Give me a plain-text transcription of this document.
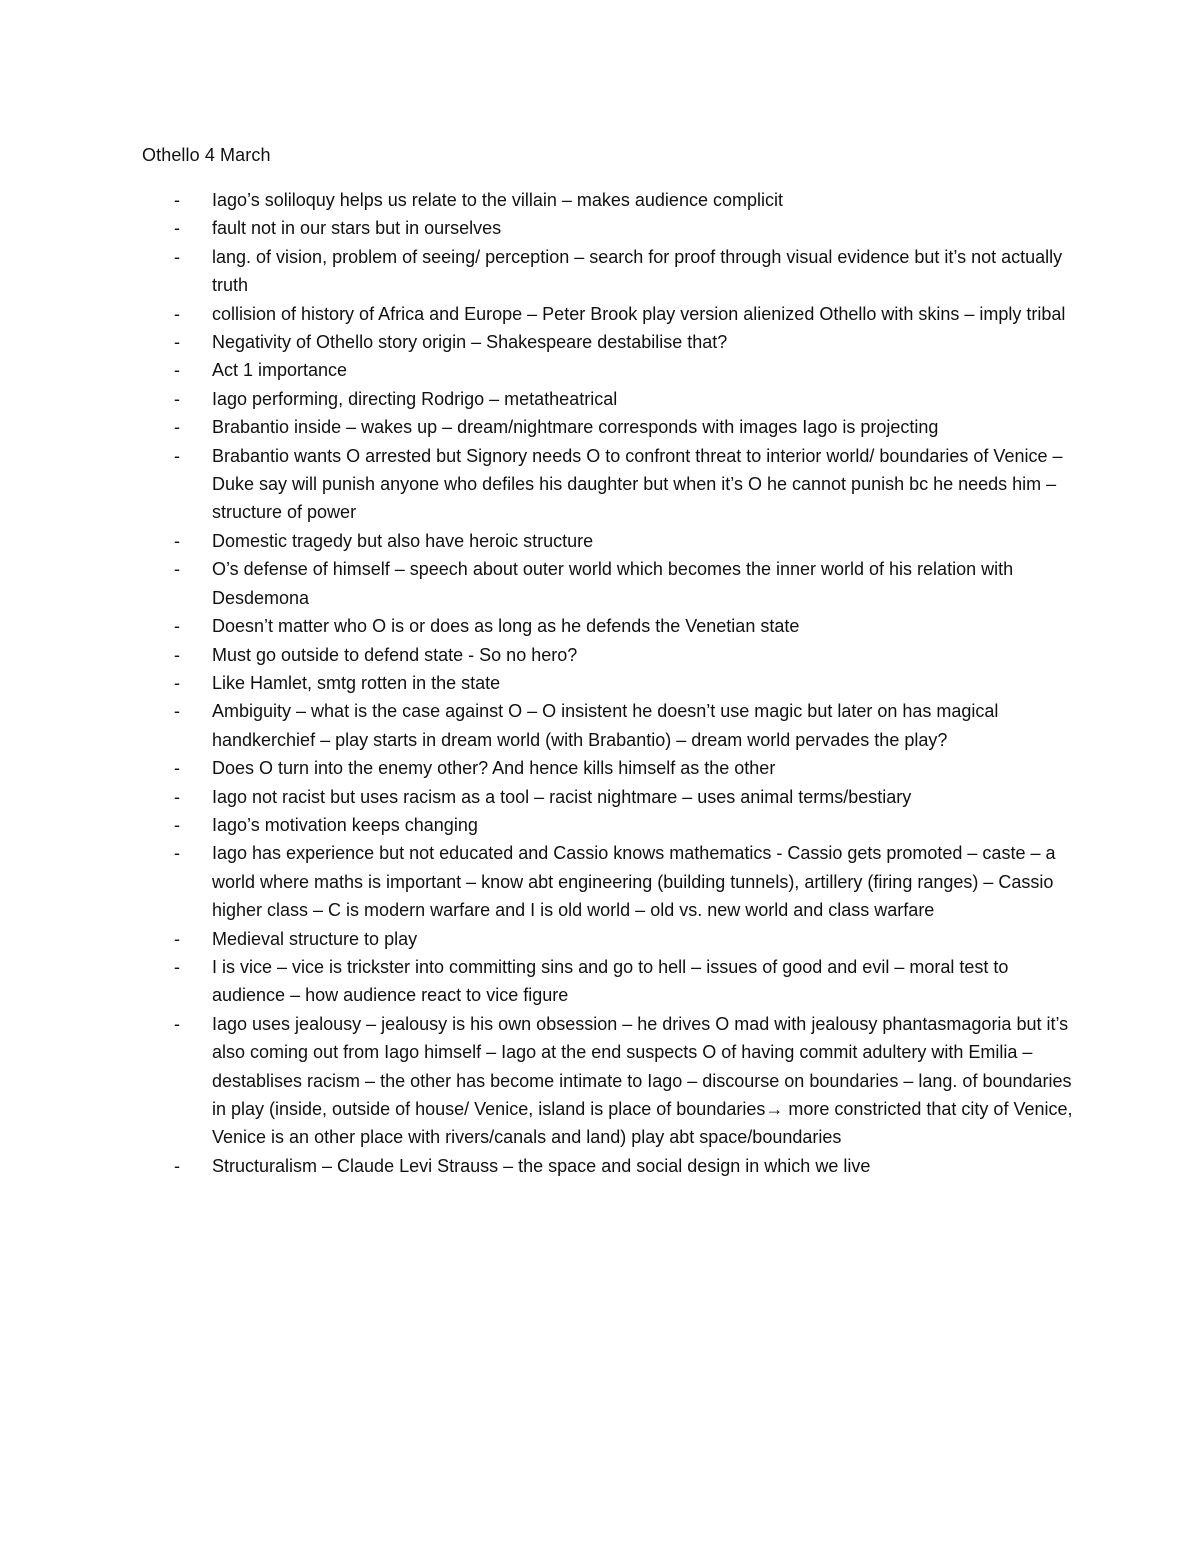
Othello 4 March
-	Iago’s soliloquy helps us relate to the villain – makes audience complicit
-	fault not in our stars but in ourselves
-	lang. of vision, problem of seeing/ perception – search for proof through visual evidence but it’s not actually truth
-	collision of history of Africa and Europe – Peter Brook play version alienized Othello with skins – imply tribal
-	Negativity of Othello story origin – Shakespeare destabilise that?
-	Act 1 importance
-	Iago performing, directing Rodrigo – metatheatrical
-	Brabantio inside – wakes up – dream/nightmare corresponds with images Iago is projecting
-	Brabantio wants O arrested but Signory needs O to confront threat to interior world/ boundaries of Venice – Duke say will punish anyone who defiles his daughter but when it’s O he cannot punish bc he needs him – structure of power
-	Domestic tragedy but also have heroic structure
-	O’s defense of himself – speech about outer world which becomes the inner world of his relation with Desdemona
-	Doesn’t matter who O is or does as long as he defends the Venetian state
-	Must go outside to defend state - So no hero?
-	Like Hamlet, smtg rotten in the state
-	Ambiguity – what is the case against O – O insistent he doesn’t use magic but later on has magical handkerchief – play starts in dream world (with Brabantio) – dream world pervades the play?
-	Does O turn into the enemy other? And hence kills himself as the other
-	Iago not racist but uses racism as a tool – racist nightmare – uses animal terms/bestiary
-	Iago’s motivation keeps changing
-	Iago has experience but not educated and Cassio knows mathematics - Cassio gets promoted – caste – a world where maths is important – know abt engineering (building tunnels), artillery (firing ranges) – Cassio higher class – C is modern warfare and I is old world – old vs. new world and class warfare
-	Medieval structure to play
-	I is vice – vice is trickster into committing sins and go to hell – issues of good and evil – moral test to audience – how audience react to vice figure
-	Iago uses jealousy – jealousy is his own obsession – he drives O mad with jealousy phantasmagoria but it’s also coming out from Iago himself – Iago at the end suspects O of having commit adultery with Emilia – destablises racism – the other has become intimate to Iago – discourse on boundaries – lang. of boundaries in play (inside, outside of house/ Venice, island is place of boundaries→ more constricted that city of Venice, Venice is an other place with rivers/canals and land) play abt space/boundaries
-	Structuralism – Claude Levi Strauss – the space and social design in which we live
